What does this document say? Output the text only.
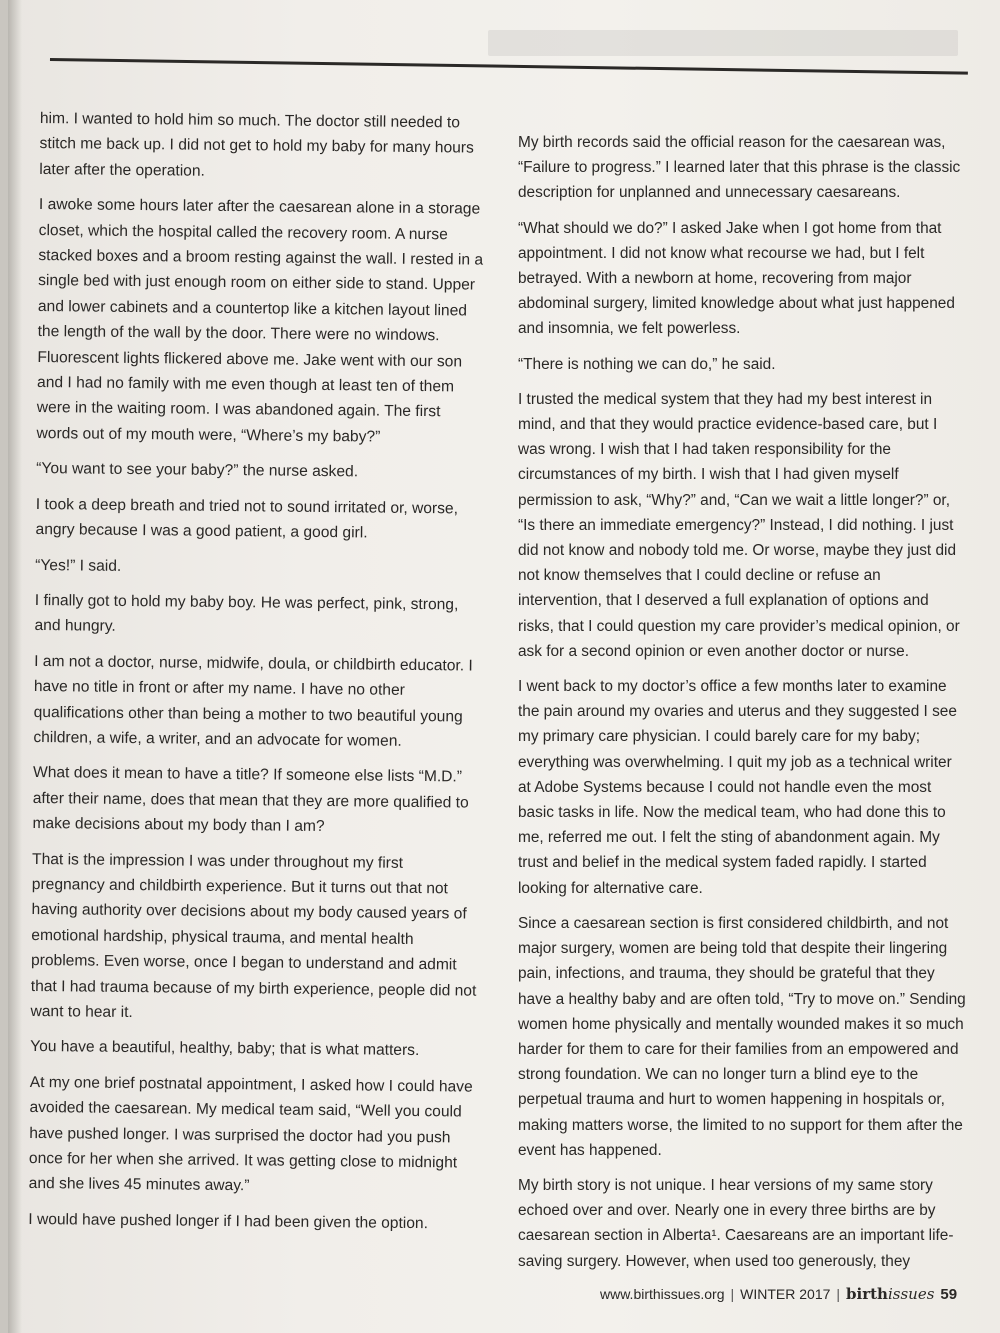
him. I wanted to hold him so much. The doctor still needed to stitch me back up. I did not get to hold my baby for many hours later after the operation.

I awoke some hours later after the caesarean alone in a storage closet, which the hospital called the recovery room. A nurse stacked boxes and a broom resting against the wall. I rested in a single bed with just enough room on either side to stand. Upper and lower cabinets and a countertop like a kitchen layout lined the length of the wall by the door. There were no windows. Fluorescent lights flickered above me. Jake went with our son and I had no family with me even though at least ten of them were in the waiting room. I was abandoned again. The first words out of my mouth were, “Where’s my baby?”

“You want to see your baby?” the nurse asked.

I took a deep breath and tried not to sound irritated or, worse, angry because I was a good patient, a good girl.

“Yes!” I said.

I finally got to hold my baby boy. He was perfect, pink, strong, and hungry.

I am not a doctor, nurse, midwife, doula, or childbirth educator. I have no title in front or after my name. I have no other qualifications other than being a mother to two beautiful young children, a wife, a writer, and an advocate for women.

What does it mean to have a title? If someone else lists “M.D.” after their name, does that mean that they are more qualified to make decisions about my body than I am?

That is the impression I was under throughout my first pregnancy and childbirth experience. But it turns out that not having authority over decisions about my body caused years of emotional hardship, physical trauma, and mental health problems. Even worse, once I began to understand and admit that I had trauma because of my birth experience, people did not want to hear it.

You have a beautiful, healthy, baby; that is what matters.

At my one brief postnatal appointment, I asked how I could have avoided the caesarean. My medical team said, “Well you could have pushed longer. I was surprised the doctor had you push once for her when she arrived. It was getting close to midnight and she lives 45 minutes away.”

I would have pushed longer if I had been given the option.

My birth records said the official reason for the caesarean was, “Failure to progress.” I learned later that this phrase is the classic description for unplanned and unnecessary caesareans.

“What should we do?” I asked Jake when I got home from that appointment. I did not know what recourse we had, but I felt betrayed. With a newborn at home, recovering from major abdominal surgery, limited knowledge about what just happened and insomnia, we felt powerless.

“There is nothing we can do,” he said.

I trusted the medical system that they had my best interest in mind, and that they would practice evidence-based care, but I was wrong. I wish that I had taken responsibility for the circumstances of my birth. I wish that I had given myself permission to ask, “Why?” and, “Can we wait a little longer?” or, “Is there an immediate emergency?” Instead, I did nothing. I just did not know and nobody told me. Or worse, maybe they just did not know themselves that I could decline or refuse an intervention, that I deserved a full explanation of options and risks, that I could question my care provider’s medical opinion, or ask for a second opinion or even another doctor or nurse.

I went back to my doctor’s office a few months later to examine the pain around my ovaries and uterus and they suggested I see my primary care physician. I could barely care for my baby; everything was overwhelming. I quit my job as a technical writer at Adobe Systems because I could not handle even the most basic tasks in life. Now the medical team, who had done this to me, referred me out. I felt the sting of abandonment again. My trust and belief in the medical system faded rapidly. I started looking for alternative care.

Since a caesarean section is first considered childbirth, and not major surgery, women are being told that despite their lingering pain, infections, and trauma, they should be grateful that they have a healthy baby and are often told, “Try to move on.” Sending women home physically and mentally wounded makes it so much harder for them to care for their families from an empowered and strong foundation. We can no longer turn a blind eye to the perpetual trauma and hurt to women happening in hospitals or, making matters worse, the limited to no support for them after the event has happened.

My birth story is not unique. I hear versions of my same story echoed over and over. Nearly one in every three births are by caesarean section in Alberta¹. Caesareans are an important life-saving surgery. However, when used too generously, they

www.birthissues.org | WINTER 2017 | birthissues 59
